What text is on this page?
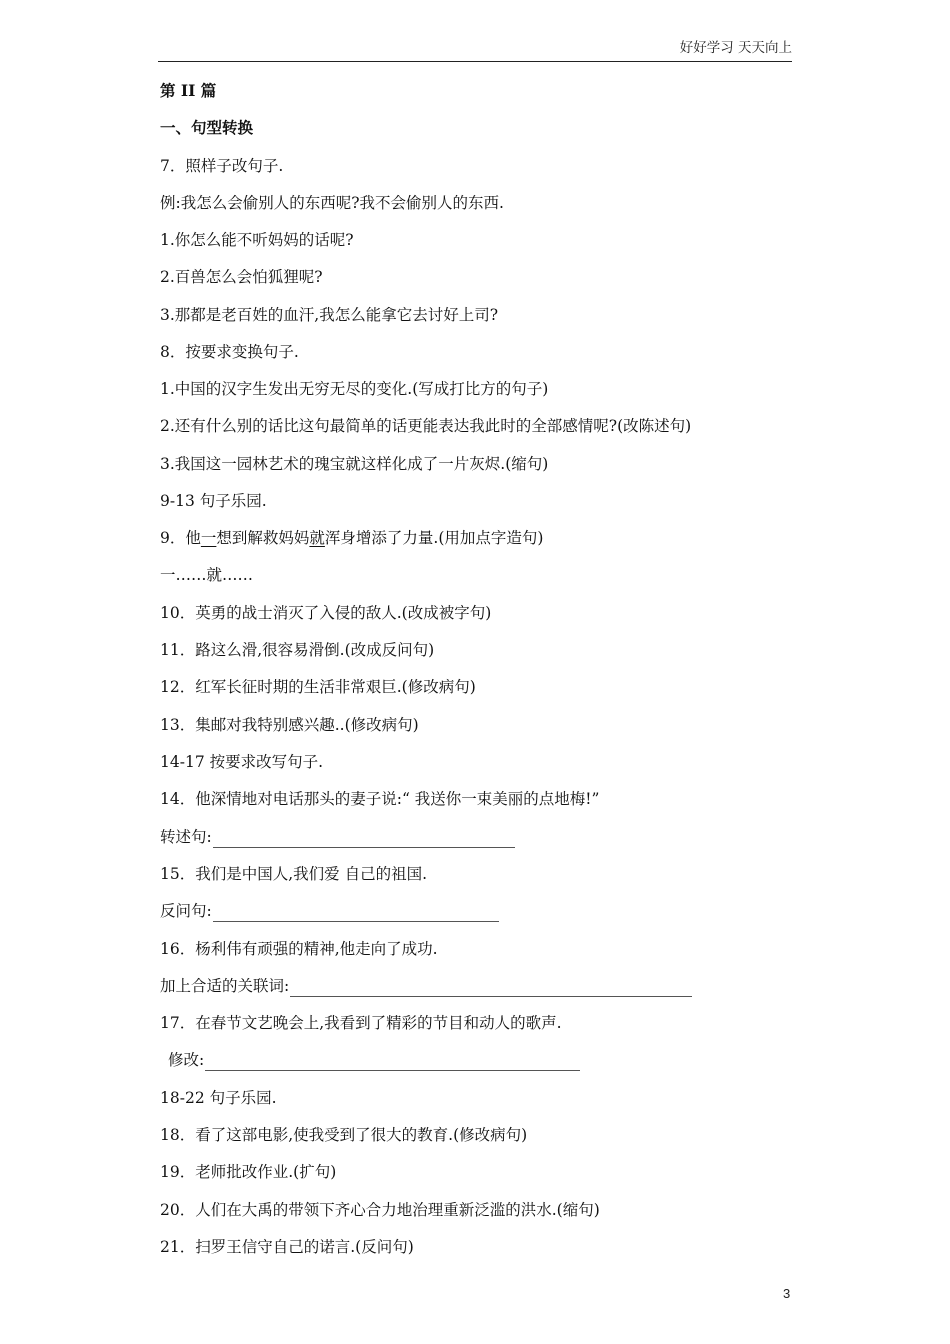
好好学习 天天向上
第 II 篇
一、句型转换
7．照样子改句子.
例:我怎么会偷别人的东西呢?我不会偷别人的东西.
1.你怎么能不听妈妈的话呢?
2.百兽怎么会怕狐狸呢?
3.那都是老百姓的血汗,我怎么能拿它去讨好上司?
8．按要求变换句子.
1.中国的汉字生发出无穷无尽的变化.(写成打比方的句子)
2.还有什么别的话比这句最简单的话更能表达我此时的全部感情呢?(改陈述句)
3.我国这一园林艺术的瑰宝就这样化成了一片灰烬.(缩句)
9-13 句子乐园.
9．他一想到解救妈妈就浑身增添了力量.(用加点字造句)
一……就……
10．英勇的战士消灭了入侵的敌人.(改成被字句)
11．路这么滑,很容易滑倒.(改成反问句)
12．红军长征时期的生活非常艰巨.(修改病句)
13．集邮对我特别感兴趣..(修改病句)
14-17 按要求改写句子.
14．他深情地对电话那头的妻子说:“ 我送你一束美丽的点地梅!”
转述句:
15．我们是中国人,我们爱 自己的祖国.
反问句:
16．杨利伟有顽强的精神,他走向了成功.
加上合适的关联词:
17．在春节文艺晚会上,我看到了精彩的节目和动人的歌声.
修改:
18-22 句子乐园.
18．看了这部电影,使我受到了很大的教育.(修改病句)
19．老师批改作业.(扩句)
20．人们在大禹的带领下齐心合力地治理重新泛滥的洪水.(缩句)
21．扫罗王信守自己的诺言.(反问句)
3
